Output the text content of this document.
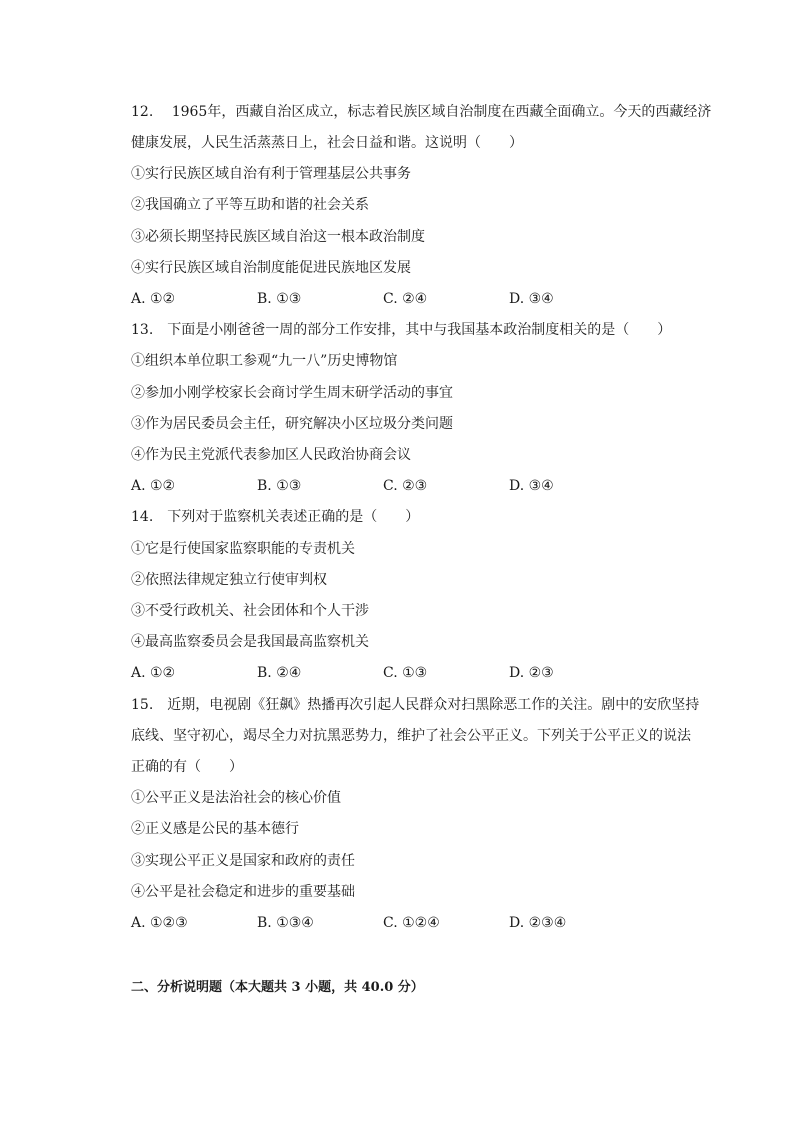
12.　 1965年，西藏自治区成立，标志着民族区域自治制度在西藏全面确立。今天的西藏经济
健康发展，人民生活蒸蒸日上，社会日益和谐。这说明（　　）
①实行民族区域自治有利于管理基层公共事务
②我国确立了平等互助和谐的社会关系
③必须长期坚持民族区域自治这一根本政治制度
④实行民族区域自治制度能促进民族地区发展
A. ①②	B. ①③	C. ②④	D. ③④
13.　下面是小刚爸爸一周的部分工作安排，其中与我国基本政治制度相关的是（　　）
①组织本单位职工参观“九一八”历史博物馆
②参加小刚学校家长会商讨学生周末研学活动的事宜
③作为居民委员会主任，研究解决小区垃圾分类问题
④作为民主党派代表参加区人民政治协商会议
A. ①②	B. ①③	C. ②③	D. ③④
14.　下列对于监察机关表述正确的是（　　）
①它是行使国家监察职能的专责机关
②依照法律规定独立行使审判权
③不受行政机关、社会团体和个人干涉
④最高监察委员会是我国最高监察机关
A. ①②	B. ②④	C. ①③	D. ②③
15.　近期，电视剧《狂飙》热播再次引起人民群众对扫黑除恶工作的关注。剧中的安欣坚持
底线、坚守初心，竭尽全力对抗黑恶势力，维护了社会公平正义。下列关于公平正义的说法
正确的有（　　）
①公平正义是法治社会的核心价值
②正义感是公民的基本德行
③实现公平正义是国家和政府的责任
④公平是社会稳定和进步的重要基础
A. ①②③	B. ①③④	C. ①②④	D. ②③④
二、分析说明题（本大题共 3 小题，共 40.0 分）
